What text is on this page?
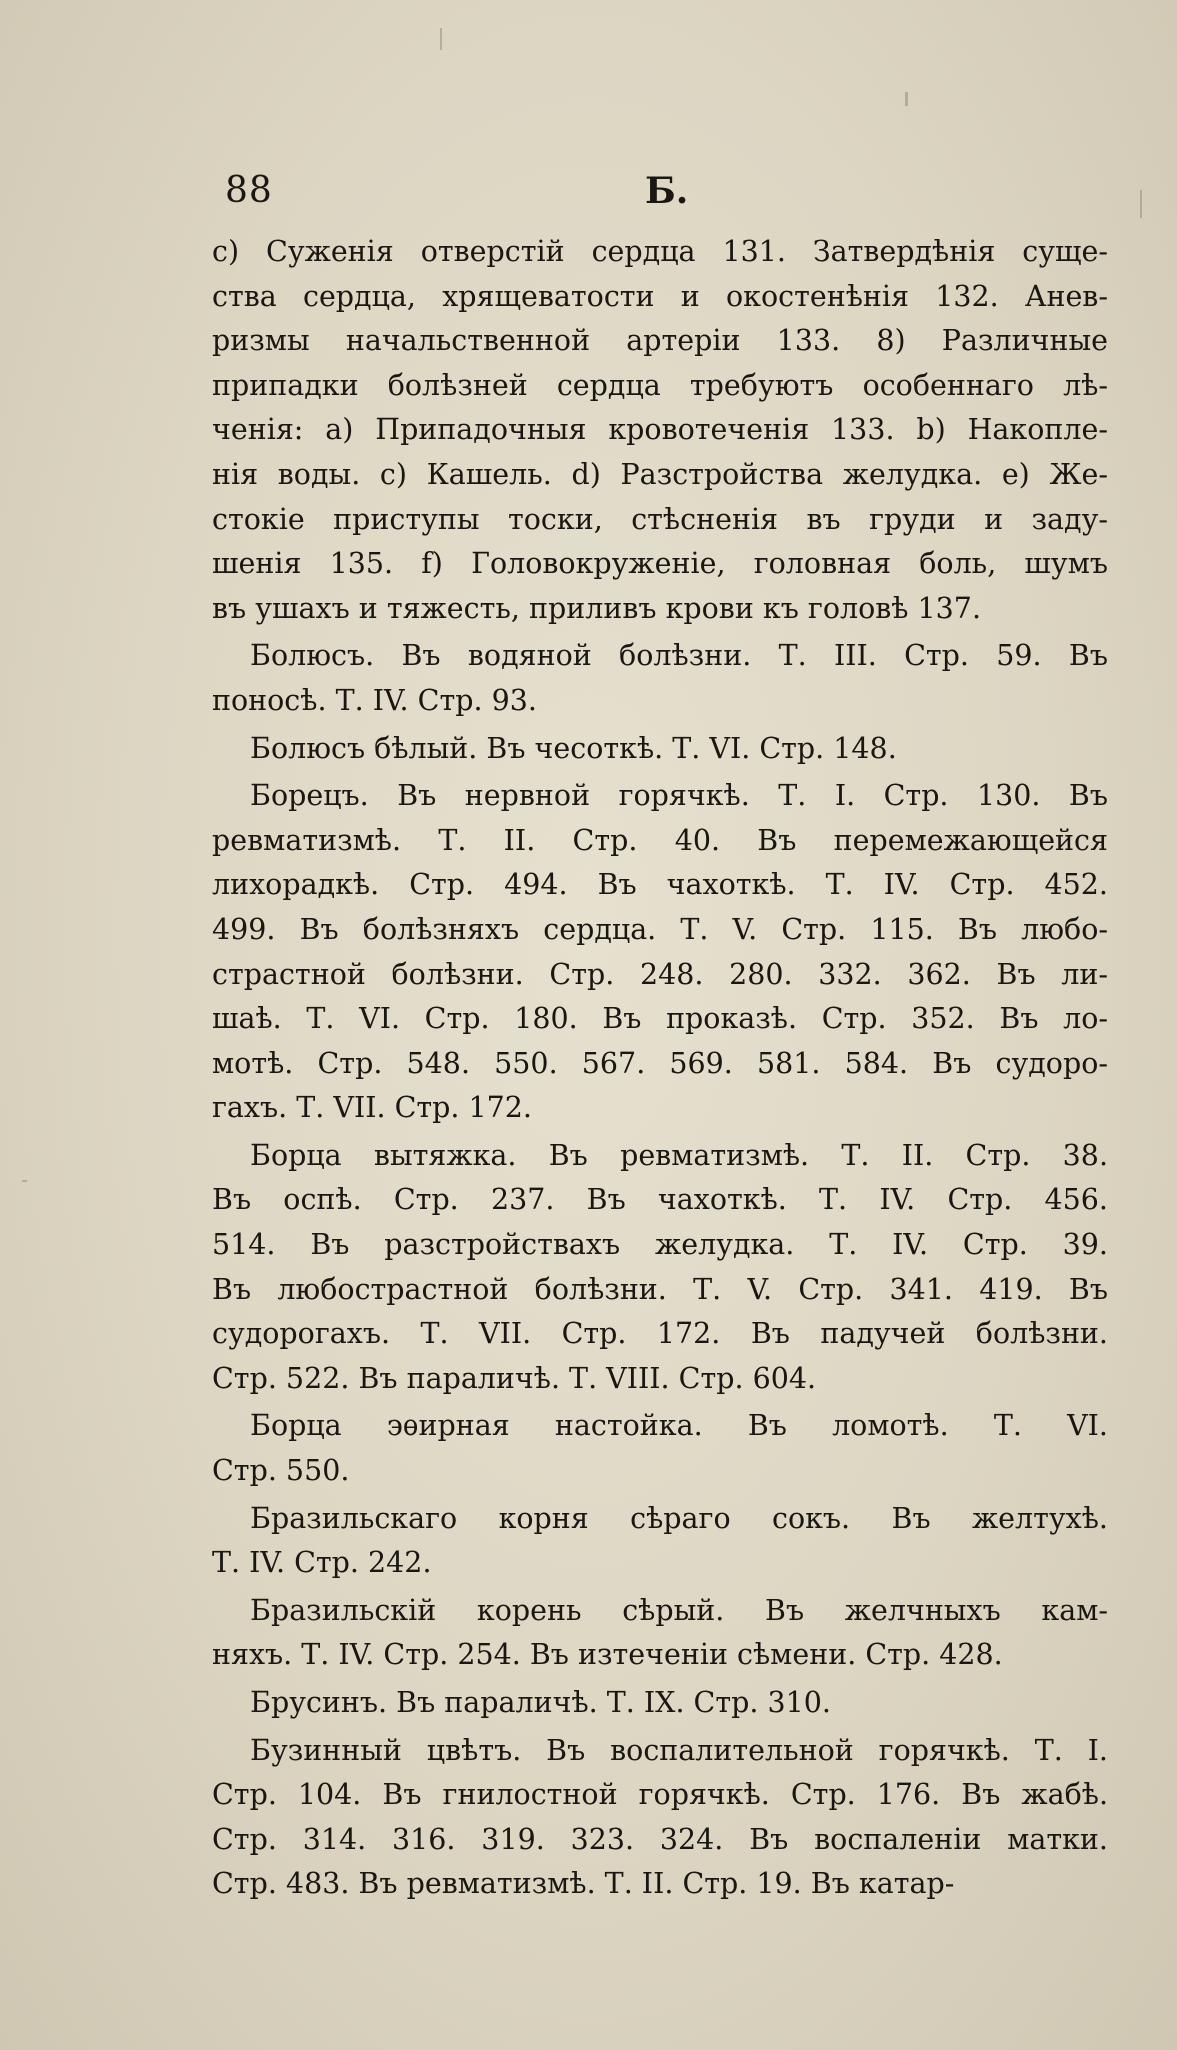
88	Б.
c) Суженія отверстій сердца 131. Затвердѣнія суще-
ства сердца, хрящеватости и окостенѣнія 132. Анев-
ризмы начальственной артеріи 133. 8) Различные
припадки болѣзней сердца требуютъ особеннаго лѣ-
ченія: а) Припадочныя кровотеченія 133. b) Накопле-
нія воды. с) Кашель. d) Разстройства желудка. е) Же-
стокіе приступы тоски, стѣсненія въ груди и заду-
шенія 135. f) Головокруженіе, головная боль, шумъ
въ ушахъ и тяжесть, приливъ крови къ головѣ 137.
Болюсъ. Въ водяной болѣзни. Т. III. Стр. 59. Въ
поносѣ. Т. IV. Стр. 93.
Болюсъ бѣлый. Въ чесоткѣ. Т. VI. Стр. 148.
Борецъ. Въ нервной горячкѣ. Т. I. Стр. 130. Въ
ревматизмѣ. Т. II. Стр. 40. Въ перемежающейся
лихорадкѣ. Стр. 494. Въ чахоткѣ. Т. IV. Стр. 452.
499. Въ болѣзняхъ сердца. Т. V. Стр. 115. Въ любо-
страстной болѣзни. Стр. 248. 280. 332. 362. Въ ли-
шаѣ. Т. VI. Стр. 180. Въ проказѣ. Стр. 352. Въ ло-
мотѣ. Стр. 548. 550. 567. 569. 581. 584. Въ судоро-
гахъ. Т. VII. Стр. 172.
Борца вытяжка. Въ ревматизмѣ. Т. II. Стр. 38.
Въ оспѣ. Стр. 237. Въ чахоткѣ. Т. IV. Стр. 456.
514. Въ разстройствахъ желудка. Т. IV. Стр. 39.
Въ любострастной болѣзни. Т. V. Стр. 341. 419. Въ
судорогахъ. Т. VII. Стр. 172. Въ падучей болѣзни.
Стр. 522. Въ параличѣ. Т. VIII. Стр. 604.
Борца эѳирная настойка. Въ ломотѣ. Т. VI.
Стр. 550.
Бразильскаго корня сѣраго сокъ. Въ желтухѣ.
Т. IV. Стр. 242.
Бразильскій корень сѣрый. Въ желчныхъ кам-
няхъ. Т. IV. Стр. 254. Въ изтеченіи сѣмени. Стр. 428.
Брусинъ. Въ параличѣ. Т. IX. Стр. 310.
Бузинный цвѣтъ. Въ воспалительной горячкѣ. Т. I.
Стр. 104. Въ гнилостной горячкѣ. Стр. 176. Въ жабѣ.
Стр. 314. 316. 319. 323. 324. Въ воспаленіи матки.
Стр. 483. Въ ревматизмѣ. Т. II. Стр. 19. Въ катар-
